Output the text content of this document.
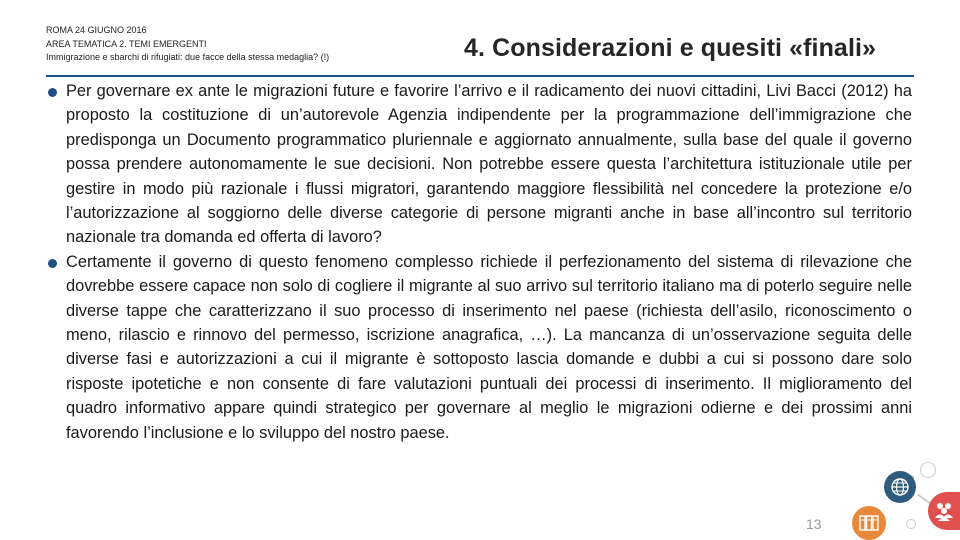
ROMA 24 GIUGNO 2016
AREA TEMATICA 2. TEMI EMERGENTI
Immigrazione e sbarchi di rifugiati: due facce della stessa medaglia? (!)	4. Considerazioni e quesiti «finali»
Per governare ex ante le migrazioni future e favorire l’arrivo e il radicamento dei nuovi cittadini, Livi Bacci (2012) ha proposto la costituzione di un’autorevole Agenzia indipendente per la programmazione dell’immigrazione che predisponga un Documento programmatico pluriennale e aggiornato annualmente, sulla base del quale il governo possa prendere autonomamente le sue decisioni. Non potrebbe essere questa l’architettura istituzionale utile per gestire in modo più razionale i flussi migratori, garantendo maggiore flessibilità nel concedere la protezione e/o l’autorizzazione al soggiorno delle diverse categorie di persone migranti anche in base all’incontro sul territorio nazionale tra domanda ed offerta di lavoro?
Certamente il governo di questo fenomeno complesso richiede il perfezionamento del sistema di rilevazione che dovrebbe essere capace non solo di cogliere il migrante al suo arrivo sul territorio italiano ma di poterlo seguire nelle diverse tappe che caratterizzano il suo processo di inserimento nel paese (richiesta dell’asilo, riconoscimento o meno, rilascio e rinnovo del permesso, iscrizione anagrafica, …). La mancanza di un’osservazione seguita delle diverse fasi e autorizzazioni a cui il migrante è sottoposto lascia domande e dubbi a cui si possono dare solo risposte ipotetiche e non consente di fare valutazioni puntuali dei processi di inserimento. Il miglioramento del quadro informativo appare quindi strategico per governare al meglio le migrazioni odierne e dei prossimi anni favorendo l’inclusione e lo sviluppo del nostro paese.
13
